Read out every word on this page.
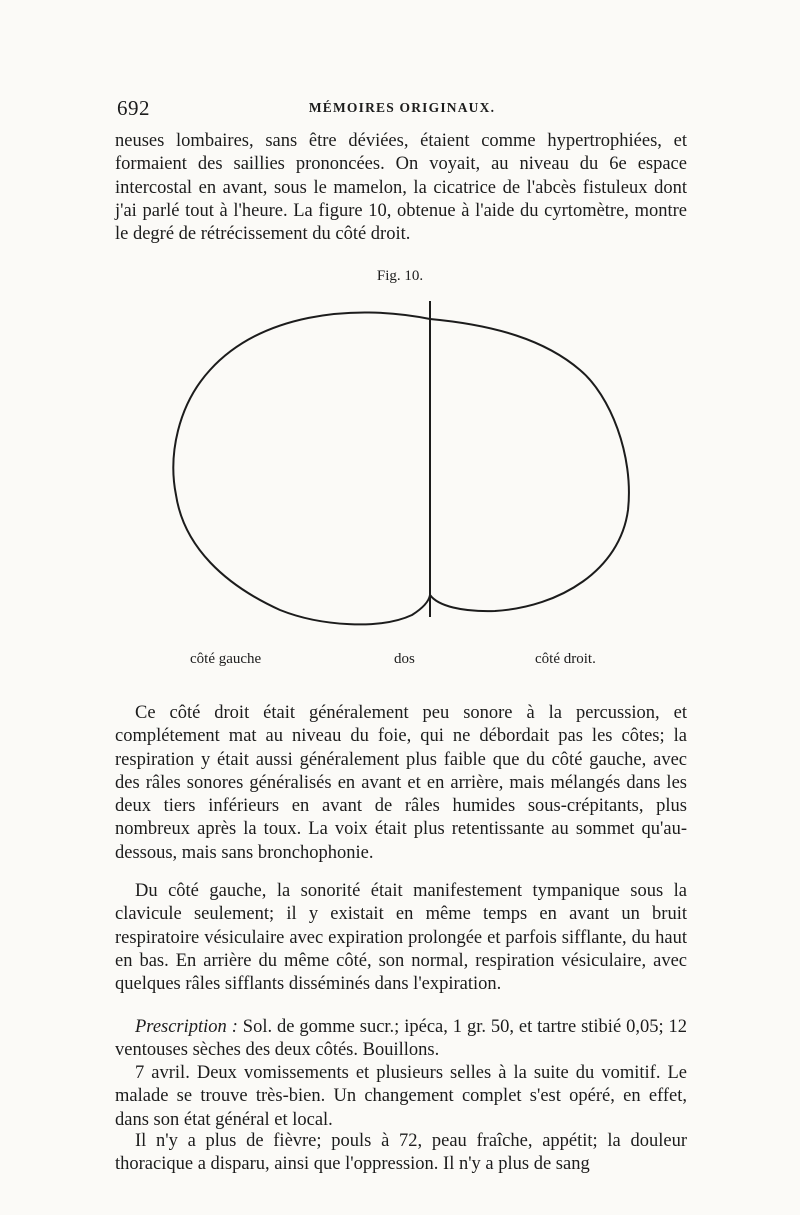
692	MÉMOIRES ORIGINAUX.

neuses lombaires, sans être déviées, étaient comme hypertrophiées, et formaient des saillies prononcées. On voyait, au niveau du 6e espace intercostal en avant, sous le mamelon, la cicatrice de l'abcès fistuleux dont j'ai parlé tout à l'heure. La figure 10, obtenue à l'aide du cyrtomètre, montre le degré de rétrécissement du côté droit.

Fig. 10.
côté gauche	dos	côté droit.

Ce côté droit était généralement peu sonore à la percussion, et complétement mat au niveau du foie, qui ne débordait pas les côtes; la respiration y était aussi généralement plus faible que du côté gauche, avec des râles sonores généralisés en avant et en arrière, mais mélangés dans les deux tiers inférieurs en avant de râles humides sous-crépitants, plus nombreux après la toux. La voix était plus retentissante au sommet qu'au-dessous, mais sans bronchophonie.

Du côté gauche, la sonorité était manifestement tympanique sous la clavicule seulement; il y existait en même temps en avant un bruit respiratoire vésiculaire avec expiration prolongée et parfois sifflante, du haut en bas. En arrière du même côté, son normal, respiration vésiculaire, avec quelques râles sifflants disséminés dans l'expiration.

Prescription : Sol. de gomme sucr.; ipéca, 1 gr. 50, et tartre stibié 0,05; 12 ventouses sèches des deux côtés. Bouillons.

7 avril. Deux vomissements et plusieurs selles à la suite du vomitif. Le malade se trouve très-bien. Un changement complet s'est opéré, en effet, dans son état général et local.

Il n'y a plus de fièvre; pouls à 72, peau fraîche, appétit; la douleur thoracique a disparu, ainsi que l'oppression. Il n'y a plus de sang
